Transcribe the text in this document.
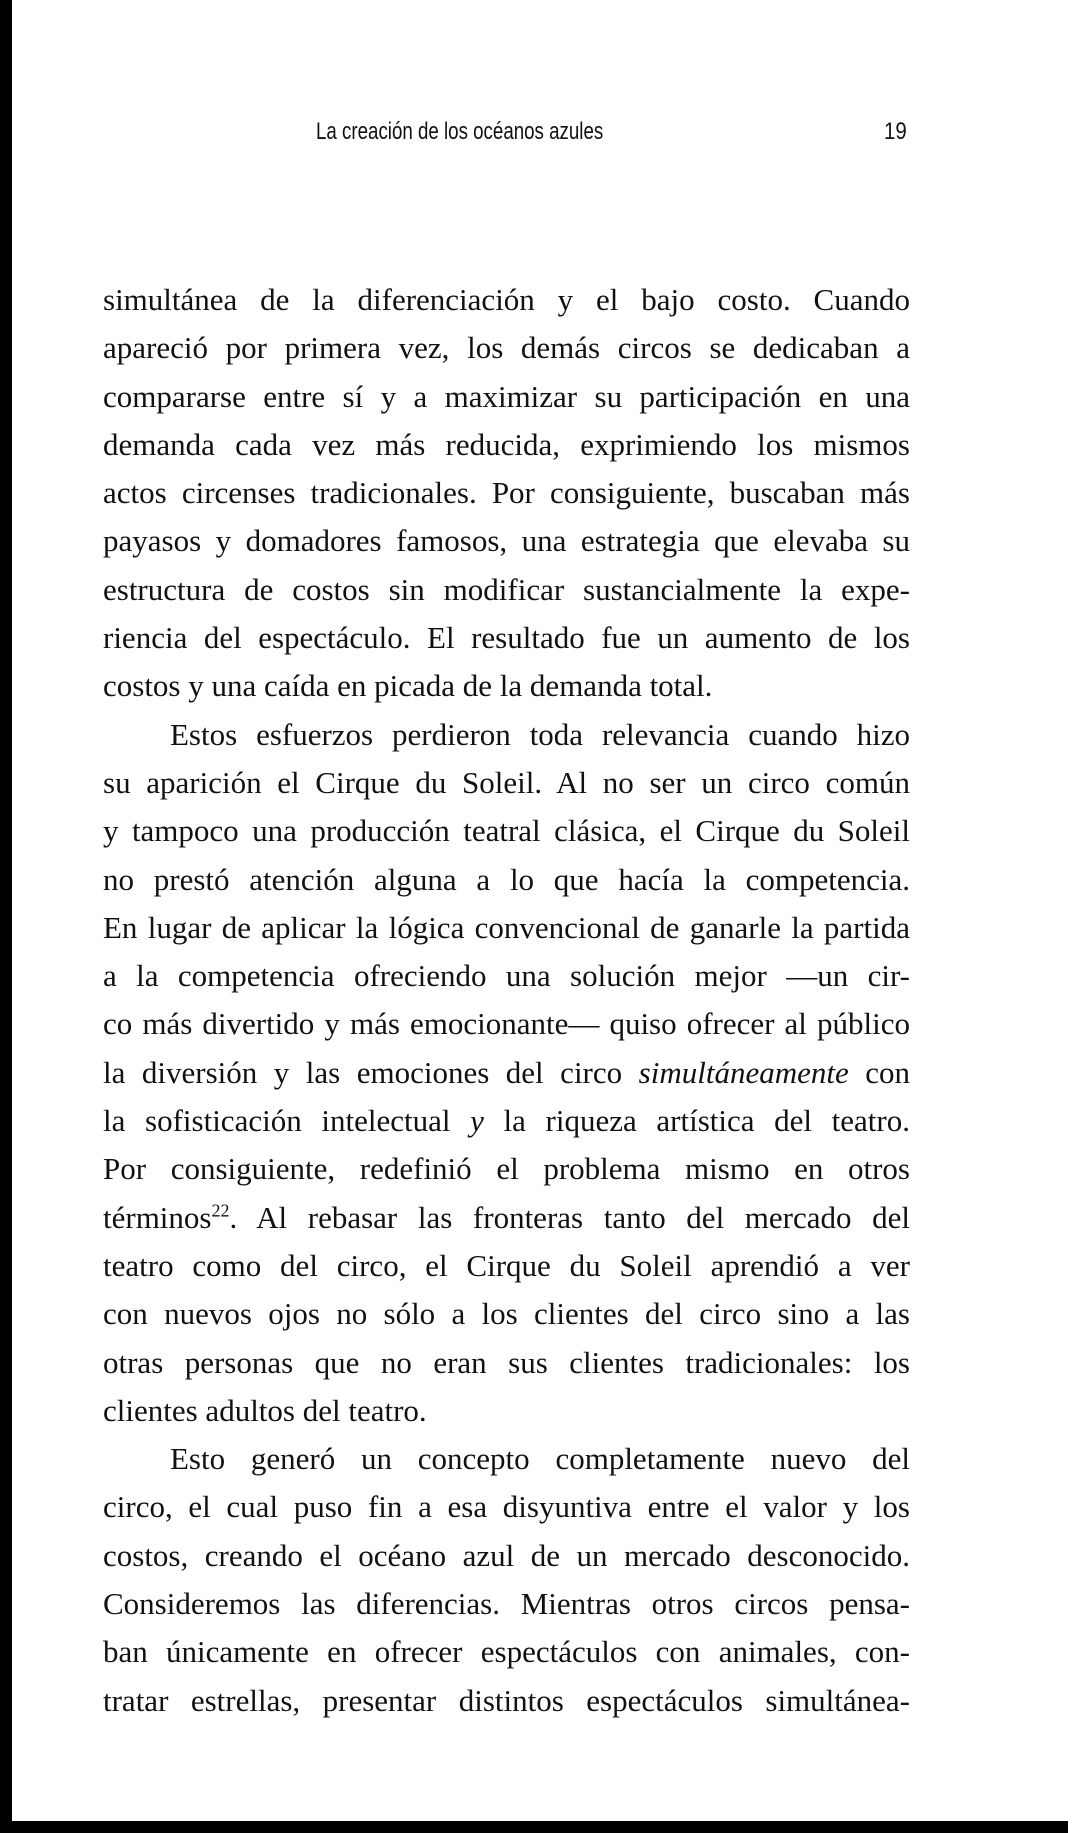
La creación de los océanos azules	19
simultánea de la diferenciación y el bajo costo. Cuando
apareció por primera vez, los demás circos se dedicaban a
compararse entre sí y a maximizar su participación en una
demanda cada vez más reducida, exprimiendo los mismos
actos circenses tradicionales. Por consiguiente, buscaban más
payasos y domadores famosos, una estrategia que elevaba su
estructura de costos sin modificar sustancialmente la expe-
riencia del espectáculo. El resultado fue un aumento de los
costos y una caída en picada de la demanda total.
Estos esfuerzos perdieron toda relevancia cuando hizo
su aparición el Cirque du Soleil. Al no ser un circo común
y tampoco una producción teatral clásica, el Cirque du Soleil
no prestó atención alguna a lo que hacía la competencia.
En lugar de aplicar la lógica convencional de ganarle la partida
a la competencia ofreciendo una solución mejor —un cir-
co más divertido y más emocionante— quiso ofrecer al público
la diversión y las emociones del circo simultáneamente con
la sofisticación intelectual y la riqueza artística del teatro.
Por consiguiente, redefinió el problema mismo en otros
términos$^{22}$. Al rebasar las fronteras tanto del mercado del
teatro como del circo, el Cirque du Soleil aprendió a ver
con nuevos ojos no sólo a los clientes del circo sino a las
otras personas que no eran sus clientes tradicionales: los
clientes adultos del teatro.
Esto generó un concepto completamente nuevo del
circo, el cual puso fin a esa disyuntiva entre el valor y los
costos, creando el océano azul de un mercado desconocido.
Consideremos las diferencias. Mientras otros circos pensa-
ban únicamente en ofrecer espectáculos con animales, con-
tratar estrellas, presentar distintos espectáculos simultánea-
